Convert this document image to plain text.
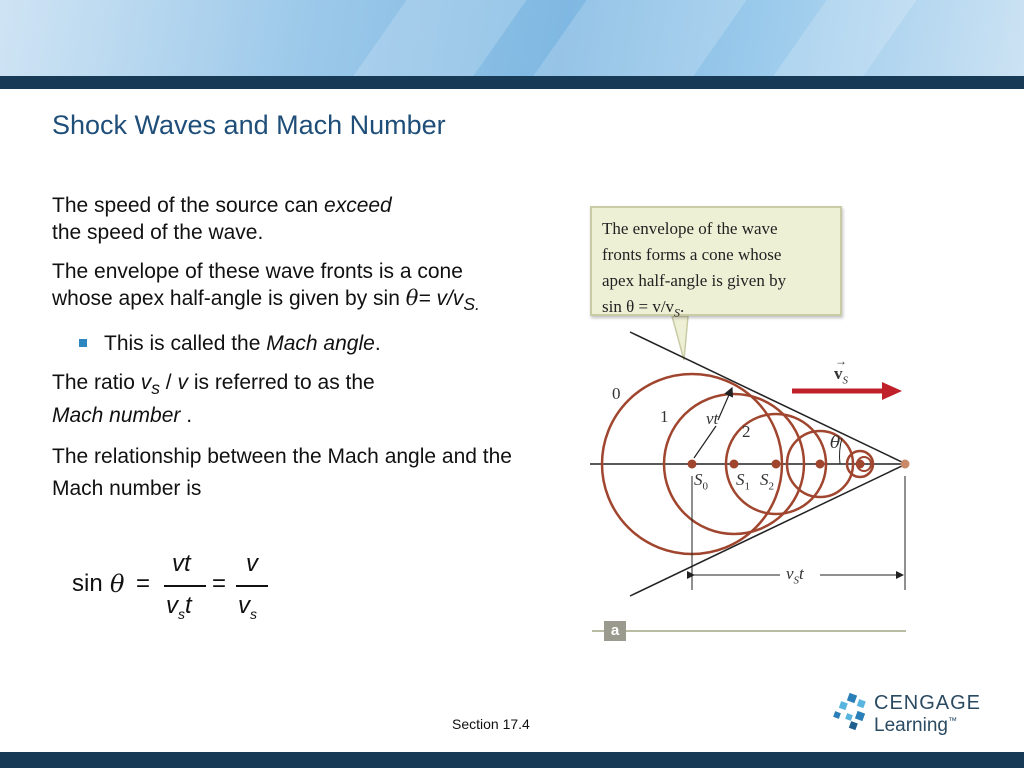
Shock Waves and Mach Number

The speed of the source can exceed
the speed of the wave.

The envelope of these wave fronts is a cone whose apex half-angle is given by $\sin \theta= v/v_{S.}$

This is called the Mach angle.

The ratio $v_s$ / v is referred to as the
Mach number .

The relationship between the Mach angle and the Mach number is

sin θ =
vt
$v_st$
=
v
$v_s$
The envelope of the wave
fronts forms a cone whose
apex half-angle is given by
$\sin \theta = v/v_S$.
0
1
2
vt
θ
→
$v_S$
$S_0$ $S_1$ $S_2$
$v_St$
a
Section 17.4
CENGAGE
Learning™
